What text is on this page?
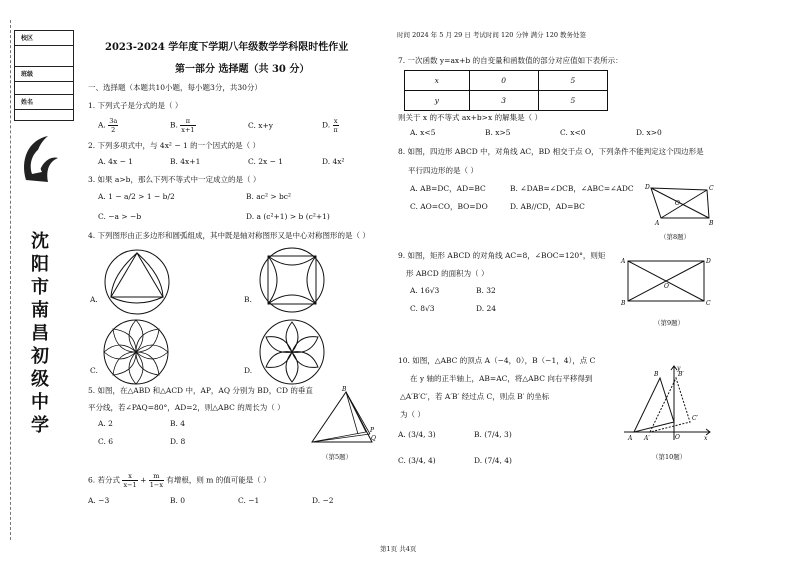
校区
班级
姓名
沈阳市南昌初级中学
2023-2024 学年度下学期八年级数学学科限时性作业
时间 2024 年 5 月 29 日 考试时间 120 分钟 满分 120 教务处签
第一部分 选择题（共 30 分）
一、选择题（本题共10小题，每小题3分，共30分）
1. 下列式子是分式的是（ ）
A. $\frac{3a}{2}$	B. $\frac{\pi}{x+1}$	C. x+y	D. $\frac{x}{\pi}$
2. 下列多项式中，与 4x² − 1 的一个因式的是（ ）
A. 4x − 1	B. 4x+1	C. 2x − 1	D. 4x²
3. 如果 a>b，那么下列不等式中一定成立的是（ ）
A. 1 − a/2 > 1 − b/2	B. ac² > bc²
C. −a > −b	D. a (c²+1) > b (c²+1)
4. 下列图形由正多边形和圆弧组成，其中既是轴对称图形又是中心对称图形的是（ ）
A.	B.
C.	D.
5. 如图，在△ABD 和△ACD 中，AP，AQ 分别为 BD，CD 的垂直
平分线，若∠PAQ=80°，AD=2，则△ABC 的周长为（ ）
A. 2	B. 4
C. 6	D. 8
B
P
Q
（第5题）
6. 若分式 $\frac{x}{x-1} + \frac{m}{1-x}$ 有增根，则 m 的值可能是（ ）
A. −3	B. 0	C. −1	D. −2
7. 一次函数 y=ax+b 的自变量和函数值的部分对应值如下表所示：
x	0	5
y	3	5
则关于 x 的不等式 ax+b>x 的解集是（ ）
A. x<5	B. x>5	C. x<0	D. x>0
8. 如图，四边形 ABCD 中，对角线 AC，BD 相交于点 O，下列条件不能判定这个四边形是
平行四边形的是（ ）
A. AB=DC，AD=BC	B. ∠DAB=∠DCB，∠ABC=∠ADC
C. AO=CO，BO=DO	D. AB//CD，AD=BC
D	C
A	B
O
（第8题）
9. 如图，矩形 ABCD 的对角线 AC=8，∠BOC=120°，则矩
形 ABCD 的面积为（ ）
A. 16√3	B. 32
C. 8√3	D. 24
A	D
B	C
O
（第9题）
10. 如图，△ABC 的顶点 A（−4，0），B（−1，4），点 C
在 y 轴的正半轴上，AB=AC，将△ABC 向右平移得到
△A′B′C′，若 A′B′ 经过点 C，则点 B′ 的坐标
为（ ）
A. (3/4, 3)	B. (7/4, 3)
C. (3/4, 4)	D. (7/4, 4)
A A′	O	x
y
B	B′
C′
（第10题）
第1页 共4页
